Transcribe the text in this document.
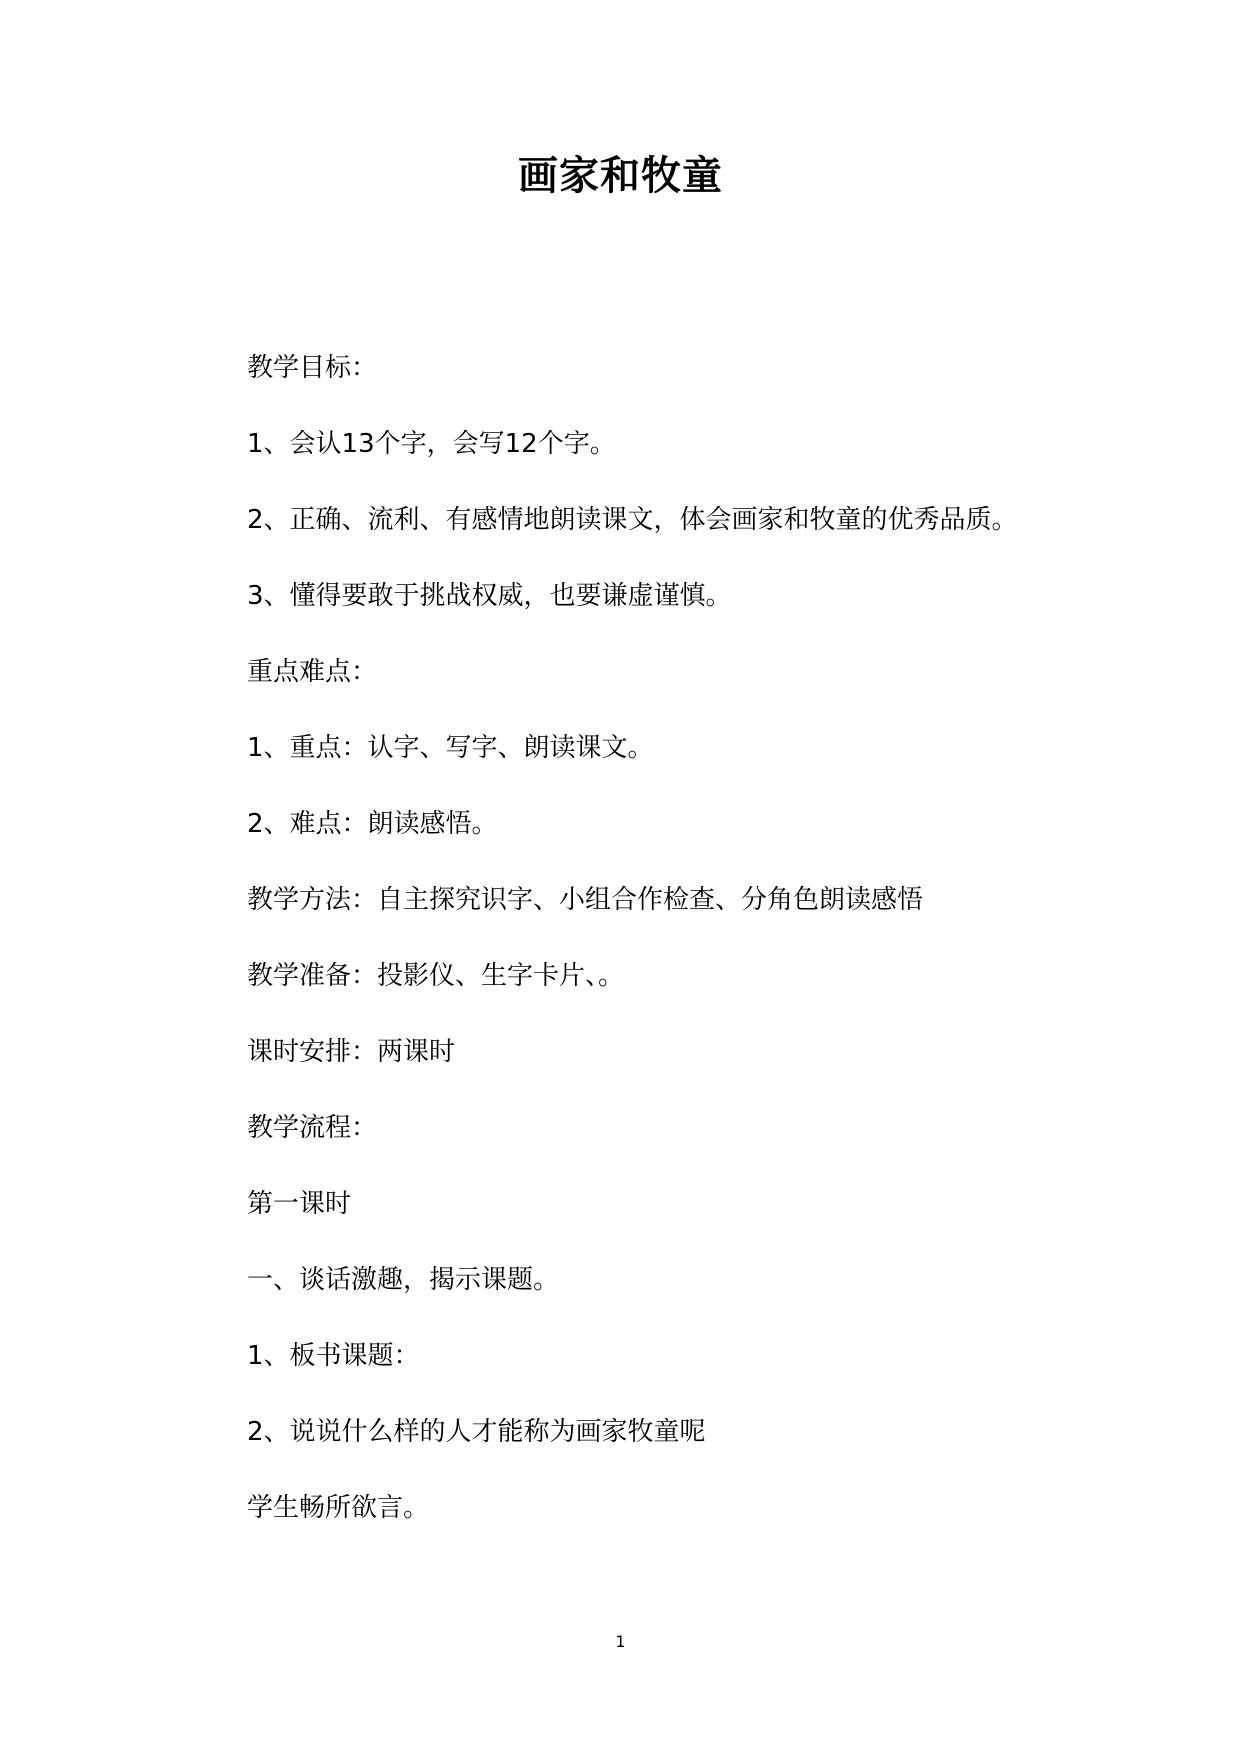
画家和牧童
教学目标：
1、会认13个字，会写12个字。
2、正确、流利、有感情地朗读课文，体会画家和牧童的优秀品质。
3、懂得要敢于挑战权威，也要谦虚谨慎。
重点难点：
1、重点：认字、写字、朗读课文。
2、难点：朗读感悟。
教学方法：自主探究识字、小组合作检查、分角色朗读感悟
教学准备：投影仪、生字卡片、。
课时安排：两课时
教学流程：
第一课时
一、谈话激趣，揭示课题。
1、板书课题：
2、说说什么样的人才能称为画家牧童呢
学生畅所欲言。
1
